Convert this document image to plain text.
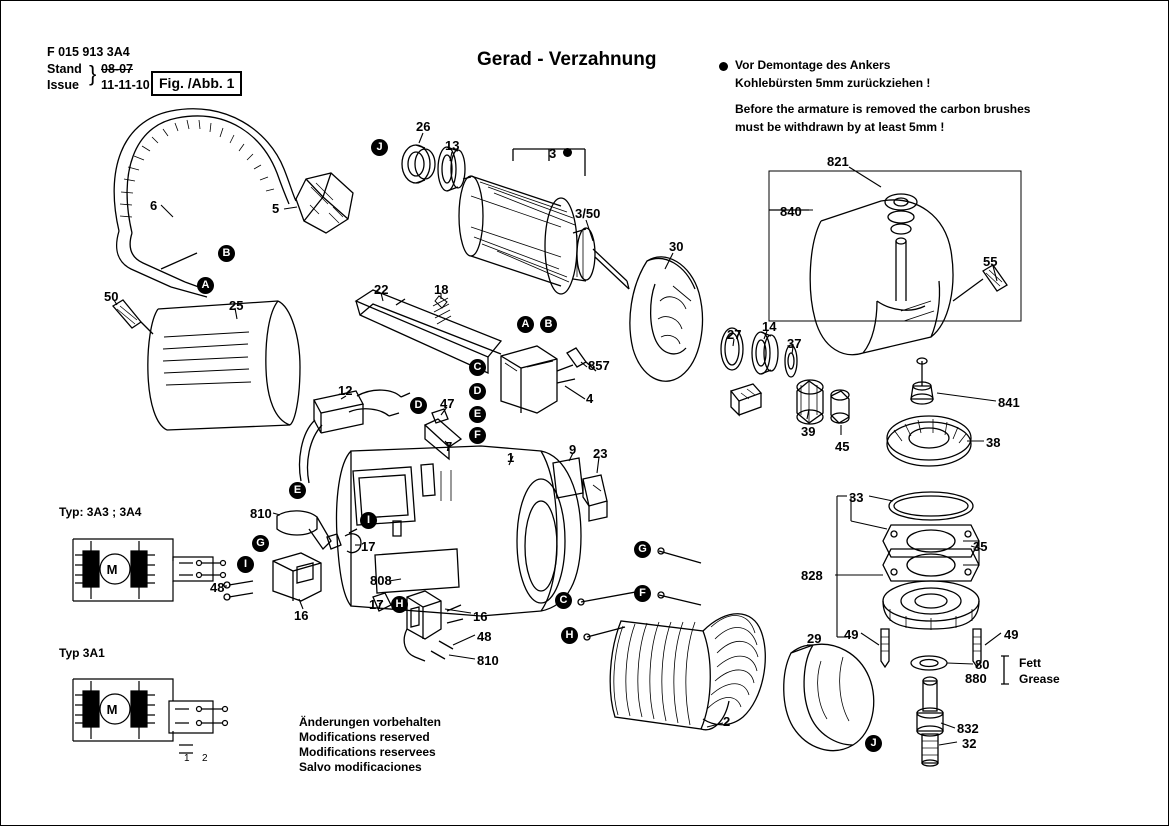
F 015 913 3A4
Stand
Issue } 08-07
11-11-10 Fig. /Abb. 1
Gerad - Verzahnung	Vor Demontage des Ankers
Kohlebürsten 5mm zurückziehen !
Before the armature is removed the carbon brushes
must be withdrawn by at least 5mm !
26
13
3
3/50
6	5
30
27
14
37
39
45
821
840
55
841
38
33
35
828
49	49
80
880
832
32
29
2
50
25
22	18
857
4
47
12
7
1
9 23
810
17
808
48
16
17
16
48
810
J
B
A
A	B
C
D
E
F
D
E
I
G
I
H
G
F
C
H
J
Typ: 3A3 ; 3A4
M
Typ 3A1
M
1 2
Fett
Grease
Änderungen vorbehalten
Modifications reserved
Modifications reservees
Salvo modificaciones
